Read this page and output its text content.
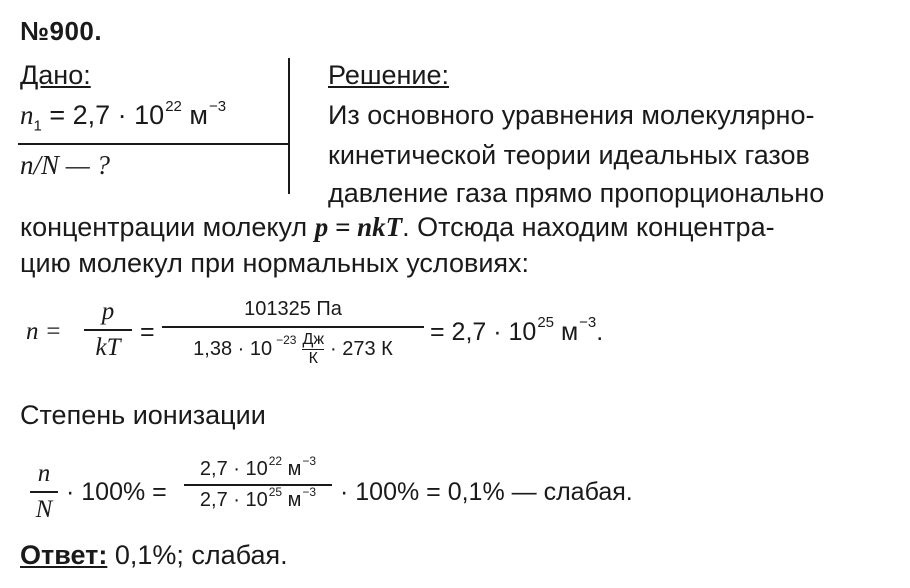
№900.
Дано:
$n_1 = 2,7 \cdot 10^{22}$ $м^{-3}$
n/N — ?
Решение:
Из основного уравнения молекулярно-
кинетической теории идеальных газов
давление газа прямо пропорционально
концентрации молекул p = nkT. Отсюда находим концентра-
цию молекул при нормальных условиях:
n =
p
kT
=
101325 Па
1,38 · 10 $^{-23}$ Дж
К · 273 К
= $2,7 \cdot 10^{25}$ $м^{-3}$.
Степень ионизации
n
N
· 100% =
$2,7 \cdot 10^{22}$ $м^{-3}$
$2,7 \cdot 10^{25}$ $м^{-3} \cdot 100\% = 0,1\%$ — слабая.
Ответ: 0,1%; слабая.
